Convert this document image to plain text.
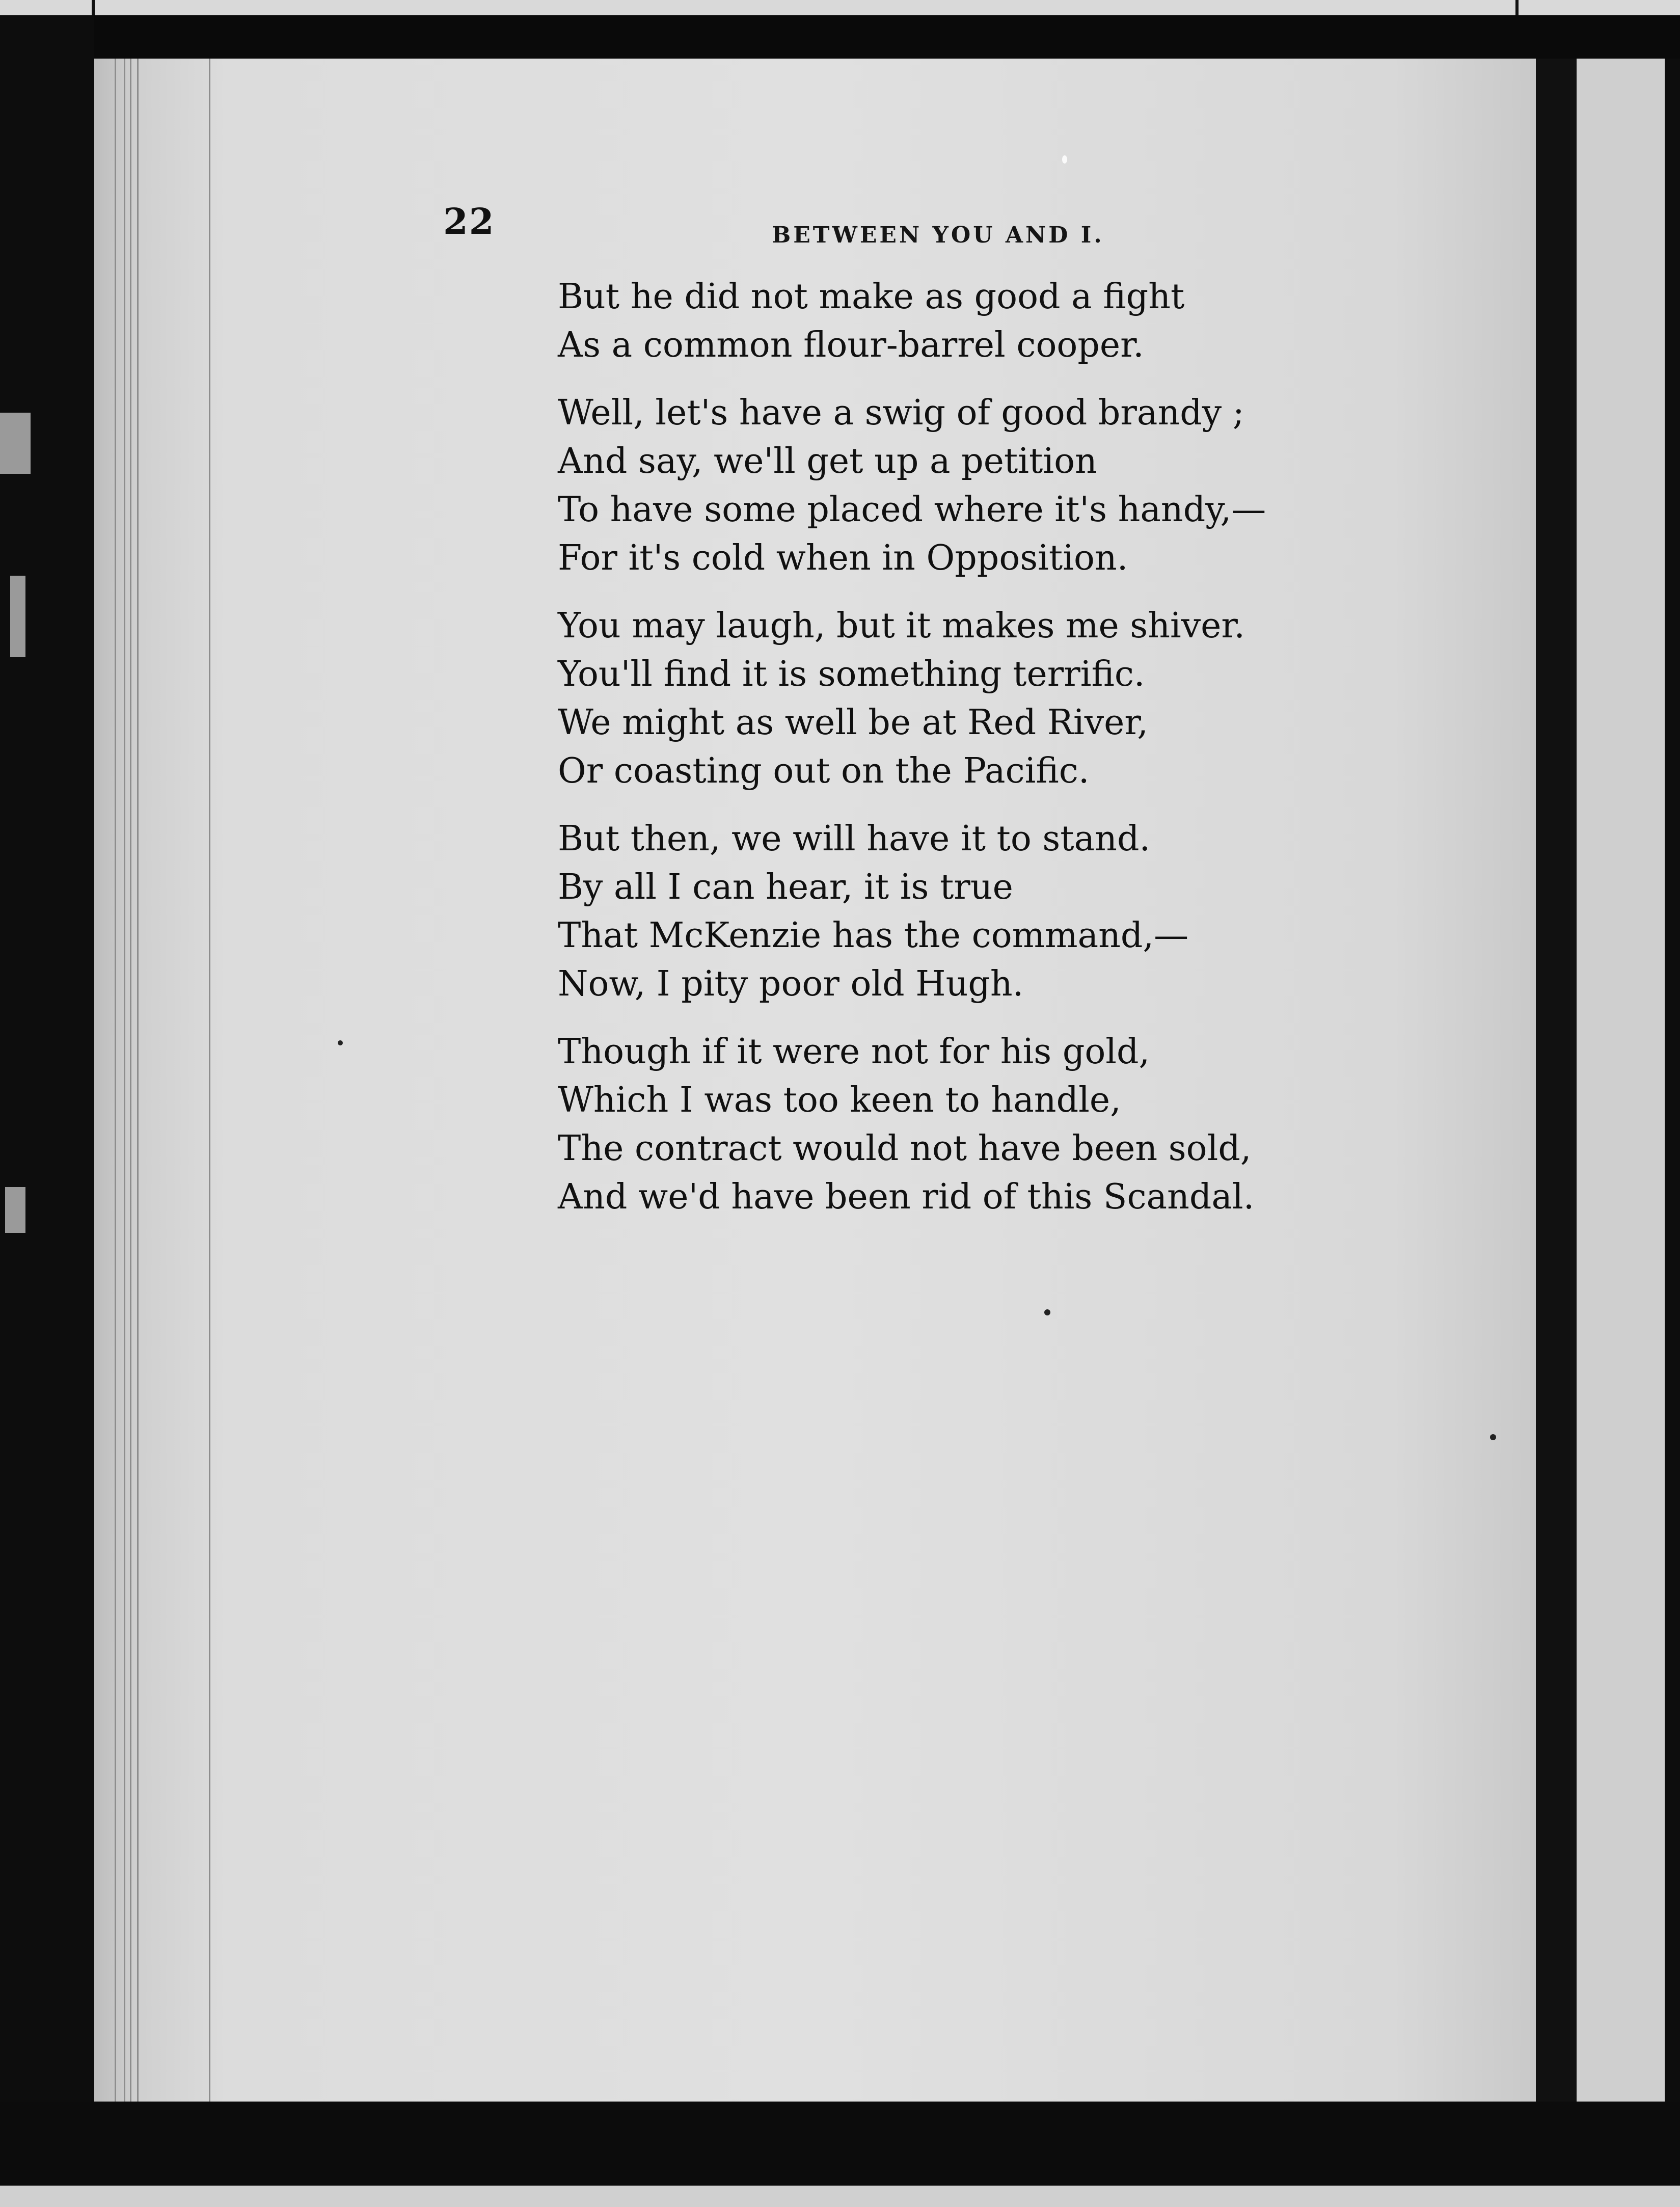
22	BETWEEN YOU AND I.
But he did not make as good a fight
As a common flour-barrel cooper.
Well, let's have a swig of good brandy ;
And say, we'll get up a petition
To have some placed where it's handy,—
For it's cold when in Opposition.
You may laugh, but it makes me shiver.
You'll find it is something terrific.
We might as well be at Red River,
Or coasting out on the Pacific.
But then, we will have it to stand.
By all I can hear, it is true
That McKenzie has the command,—
Now, I pity poor old Hugh.
Though if it were not for his gold,
Which I was too keen to handle,
The contract would not have been sold,
And we'd have been rid of this Scandal.
